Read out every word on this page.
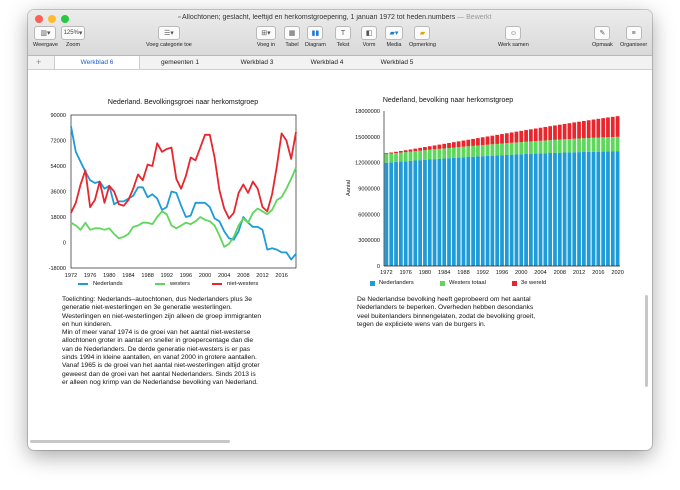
▫ Allochtonen; geslacht, leeftijd en herkomstgroepering, 1 januari 1972 tot heden.numbers — Bewerkt
▥▾
Weergave
125% ▾
Zoom
☰▾
Voeg categorie toe
⊞▾
Voeg in
▦
Tabel
▮▮
Diagram
T
Tekst
◧
Vorm
▰▾
Media
▰
Opmerking
☺
Werk samen
✎
Opmaak
≡
Organiseer
+	Werkblad 6	gemeenten 1	Werkblad 3	Werkblad 4	Werkblad 5
Nederland. Bevolkingsgroei naar herkomstgroep
90000
72000
54000
36000
18000
0
-18000
1972 1976 1980 1984 1988 1992 1996 2000 2004 2008 2012 2016
Nederlands	westers	niet-westers
Toelichting: Nederlands–autochtonen, dus Nederlanders plus 3e
generatie niet-westerlingen en 3e generatie westerlingen.
Westerlingen en niet-westerlingen zijn alleen de groep immigranten
en hun kinderen.
Min of meer vanaf 1974 is de groei van het aantal niet-westerse
allochtonen groter in aantal en sneller in groepercentage dan die
van de Nederlanders. De derde generatie niet-westers is er pas
sinds 1994 in kleine aantallen, en vanaf 2000 in grotere aantallen.
Vanaf 1965 is de groei van het aantal niet-westerlingen altijd groter
geweest dan de groei van het aantal Nederlanders. Sinds 2013 is
er alleen nog krimp van de Nederlandse bevolking van Nederland.
Nederland, bevolking naar herkomstgroep
18000000
15000000
12000000
9000000
6000000
3000000
0
1972 1976 1980 1984 1988 1992 1996 2000 2004 2008 2012 2016 2020
Aantal
Nederlanders	Westers totaal	3e wereld
De Nederlandse bevolking heeft geprobeerd om het aantal
Nederlanders te beperken. Overheden hebben desondanks
veel buitenlanders binnengelaten, zodat de bevolking groeit,
tegen de expliciete wens van de burgers in.
